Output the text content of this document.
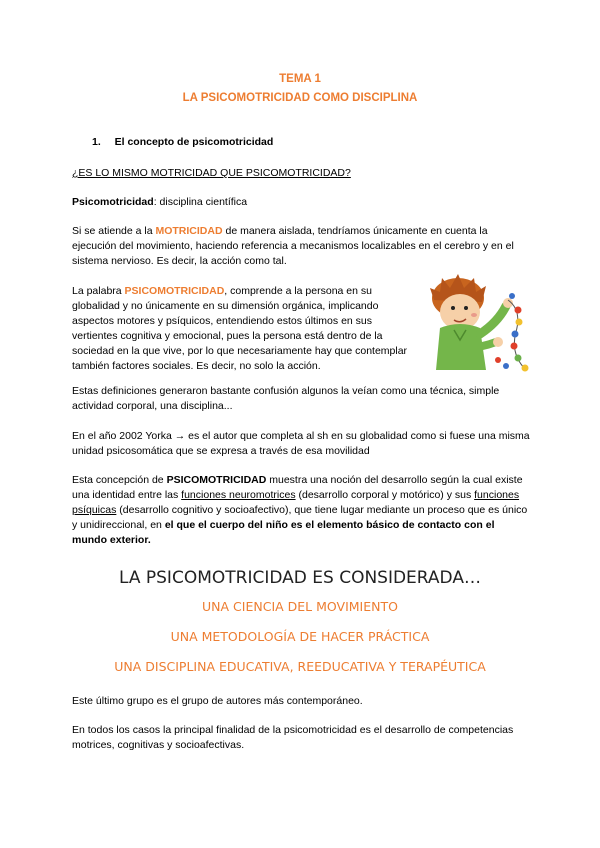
TEMA 1
LA PSICOMOTRICIDAD COMO DISCIPLINA
1. El concepto de psicomotricidad
¿ES LO MISMO MOTRICIDAD QUE PSICOMOTRICIDAD?
Psicomotricidad: disciplina científica
Si se atiende a la MOTRICIDAD de manera aislada, tendríamos únicamente en cuenta la ejecución del movimiento, haciendo referencia a mecanismos localizables en el cerebro y en el sistema nervioso. Es decir, la acción como tal.
La palabra PSICOMOTRICIDAD, comprende a la persona en su globalidad y no únicamente en su dimensión orgánica, implicando aspectos motores y psíquicos, entendiendo estos últimos en sus vertientes cognitiva y emocional, pues la persona está dentro de la sociedad en la que vive, por lo que necesariamente hay que contemplar también factores sociales. Es decir, no solo la acción.
Estas definiciones generaron bastante confusión algunos la veían como una técnica, simple actividad corporal, una disciplina...
En el año 2002 Yorka → es el autor que completa al sh en su globalidad como si fuese una misma unidad psicosomática que se expresa a través de esa movilidad
Esta concepción de PSICOMOTRICIDAD muestra una noción del desarrollo según la cual existe una identidad entre las funciones neuromotrices (desarrollo corporal y motórico) y sus funciones psíquicas (desarrollo cognitivo y socioafectivo), que tiene lugar mediante un proceso que es único y unidireccional, en el que el cuerpo del niño es el elemento básico de contacto con el mundo exterior.
LA PSICOMOTRICIDAD ES CONSIDERADA…
UNA CIENCIA DEL MOVIMIENTO
UNA METODOLOGÍA DE HACER PRÁCTICA
UNA DISCIPLINA EDUCATIVA, REEDUCATIVA Y TERAPÉUTICA
Este último grupo es el grupo de autores más contemporáneo.
En todos los casos la principal finalidad de la psicomotricidad es el desarrollo de competencias motrices, cognitivas y socioafectivas.
